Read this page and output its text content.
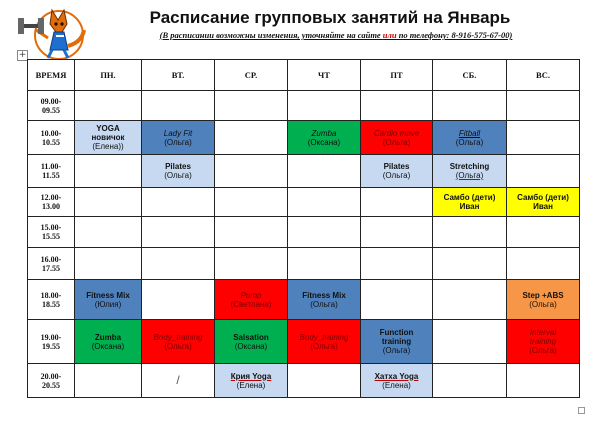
Расписание групповых занятий на Январь
(В расписании возможны изменения, уточняйте на сайте или по телефону: 8-916-575-67-00)
+
ВРЕМЯ	ПН.	ВТ.	СР.	ЧТ	ПТ	СБ.	ВС.
09.00-
09.55							
10.00-
10.55	YOGA
новичок
(Елена))	Lady Fit
(Ольга)		Zumba
(Оксана)	Cardio move
(Ольга)	Fitball
(Ольга)	

11.00-
11.55		Pilates
(Ольга)			Pilates
(Ольга)	Stretching
(Ольга)	

12.00-
13.00						Самбо (дети)
Иван	Самбо (дети)
Иван

15.00-
15.55							
16.00-
17.55							
18.00-
18.55	Fitness Mix
(Юлия)		Pump
(Светлана)	Fitness Mix
(Ольга)			Step +ABS
(Ольга)

19.00-
19.55	Zumba
(Оксана)	Body_training
(Ольга)	Salsation
(Оксана)	Body_training
(Ольга)	Function
training
(Ольга)		Interval
training
(Ольга)

20.00-
20.55		/	Крия Yoga
(Елена)		Хатха Yoga
(Елена)		
